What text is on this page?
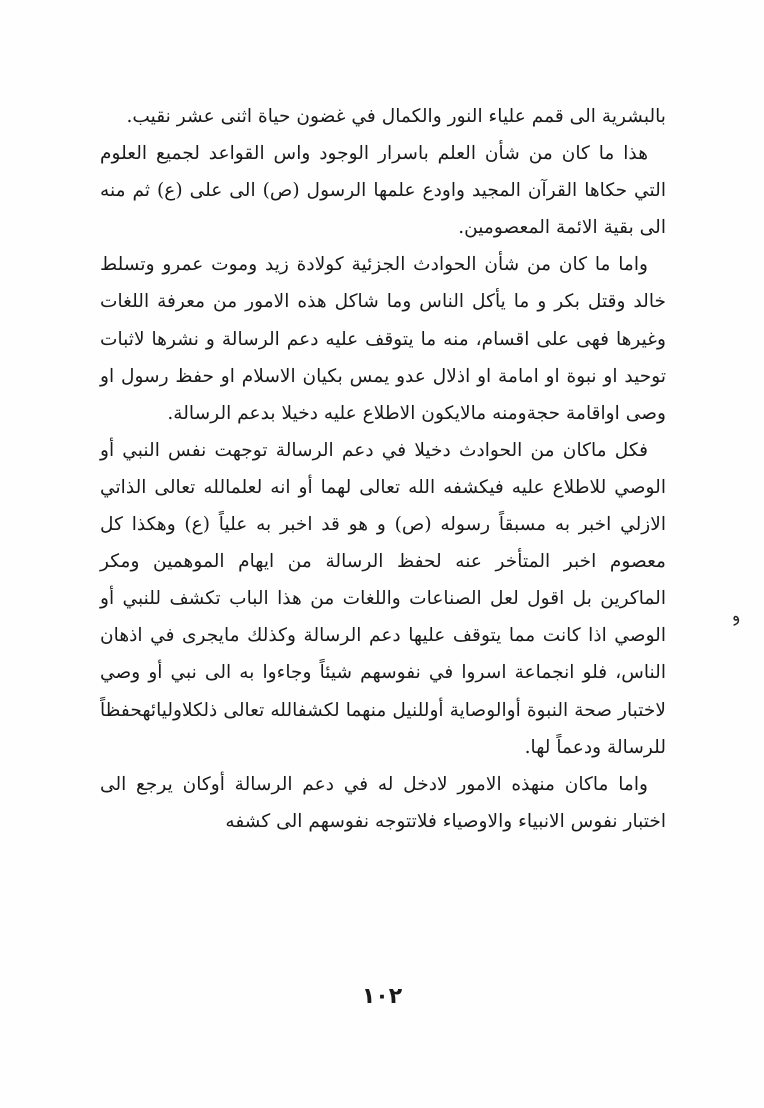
بالبشرية الى قمم علياء النور والكمال في غضون حياة اثنى عشر نقيب.

هذا ما كان من شأن العلم باسرار الوجود واس القواعد لجميع العلوم التي حكاها القرآن المجيد واودع علمها الرسول (ص) الى على (ع) ثم منه الى بقية الائمة المعصومين.

واما ما كان من شأن الحوادث الجزئية كولادة زيد وموت عمرو وتسلط خالد وقتل بكر و ما يأكل الناس وما شاكل هذه الامور من معرفة اللغات وغيرها فهى على اقسام، منه ما يتوقف عليه دعم الرسالة و نشرها لاثبات توحيد او نبوة او امامة او اذلال عدو يمس بكيان الاسلام او حفظ رسول او وصى اواقامة حجةومنه مالايكون الاطلاع عليه دخيلا بدعم الرسالة.

فكل ماكان من الحوادث دخيلا في دعم الرسالة توجهت نفس النبي أو الوصي للاطلاع عليه فيكشفه الله تعالى لهما أو انه لعلمالله تعالى الذاتي الازلي اخبر به مسبقاً رسوله (ص) و هو قد اخبر به علياً (ع) وهكذا كل معصوم اخبر المتأخر عنه لحفظ الرسالة من ايهام الموهمين ومكر الماكرين بل اقول لعل الصناعات واللغات من هذا الباب تكشف للنبي أو الوصي اذا كانت مما يتوقف عليها دعم الرسالة وكذلك مايجرى في اذهان الناس، فلو انجماعة اسروا في نفوسهم شيئاً وجاءوا به الى نبي أو وصي لاختبار صحة النبوة أوالوصاية أوللنيل منهما لكشفالله تعالى ذلكلاوليائهحفظاً للرسالة ودعماً لها.

واما ماكان منهذه الامور لادخل له في دعم الرسالة أوكان يرجع الى اختبار نفوس الانبياء والاوصياء فلاتتوجه نفوسهم الى كشفه

ﻭ
١٠٢
